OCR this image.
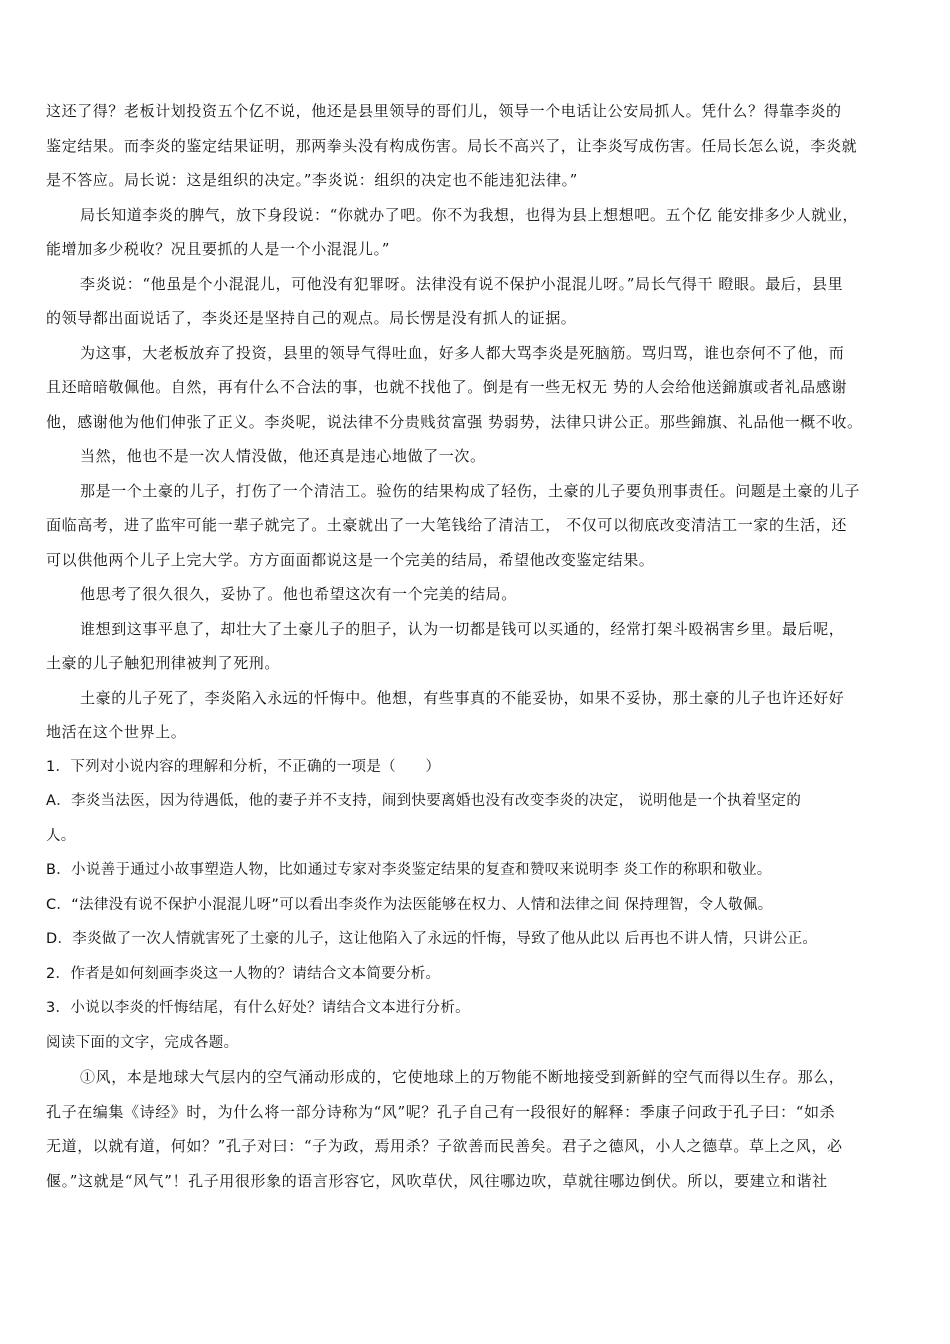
这还了得？老板计划投资五个亿不说，他还是县里领导的哥们儿，领导一个电话让公安局抓人。凭什么？得靠李炎的
鉴定结果。而李炎的鉴定结果证明，那两拳头没有构成伤害。局长不高兴了，让李炎写成伤害。任局长怎么说，李炎就
是不答应。局长说：这是组织的决定。”李炎说：组织的决定也不能违犯法律。”
局长知道李炎的脾气，放下身段说：“你就办了吧。你不为我想，也得为县上想想吧。五个亿 能安排多少人就业，
能增加多少税收？况且要抓的人是一个小混混儿。”
李炎说：“他虽是个小混混儿，可他没有犯罪呀。法律没有说不保护小混混儿呀。”局长气得干 瞪眼。最后，县里
的领导都出面说话了，李炎还是坚持自己的观点。局长愣是没有抓人的证据。
为这事，大老板放弃了投资，县里的领导气得吐血，好多人都大骂李炎是死脑筋。骂归骂，谁也奈何不了他，而
且还暗暗敬佩他。自然，再有什么不合法的事，也就不找他了。倒是有一些无权无 势的人会给他送錦旗或者礼品感谢
他，感谢他为他们伸张了正义。李炎呢，说法律不分贵贱贫富强 势弱势，法律只讲公正。那些錦旗、礼品他一概不收。
当然，他也不是一次人情没做，他还真是违心地做了一次。
那是一个土豪的儿子，打伤了一个清洁工。验伤的结果构成了轻伤，土豪的儿子要负刑事责任。问题是土豪的儿子
面临高考，进了监牢可能一辈子就完了。土豪就出了一大笔钱给了清洁工， 不仅可以彻底改变清洁工一家的生活，还
可以供他两个儿子上完大学。方方面面都说这是一个完美的结局，希望他改变鉴定结果。
他思考了很久很久，妥协了。他也希望这次有一个完美的结局。
谁想到这事平息了，却壮大了土豪儿子的胆子，认为一切都是钱可以买通的，经常打架斗殴祸害乡里。最后呢，
土豪的儿子触犯刑律被判了死刑。
土豪的儿子死了，李炎陷入永远的忏悔中。他想，有些事真的不能妥协，如果不妥协，那土豪的儿子也许还好好
地活在这个世界上。
1．下列对小说内容的理解和分析，不正确的一项是（　　）
A．李炎当法医，因为待遇低，他的妻子并不支持，闹到快要离婚也没有改变李炎的决定， 说明他是一个执着坚定的
人。
B．小说善于通过小故事塑造人物，比如通过专家对李炎鉴定结果的复查和赞叹来说明李 炎工作的称职和敬业。
C．“法律没有说不保护小混混儿呀”可以看出李炎作为法医能够在权力、人情和法律之间 保持理智，令人敬佩。
D．李炎做了一次人情就害死了土豪的儿子，这让他陷入了永远的忏悔，导致了他从此以 后再也不讲人情，只讲公正。
2．作者是如何刻画李炎这一人物的？请结合文本简要分析。
3．小说以李炎的忏悔结尾，有什么好处？请结合文本进行分析。
阅读下面的文字，完成各题。
①风，本是地球大气层内的空气涌动形成的，它使地球上的万物能不断地接受到新鲜的空气而得以生存。那么，
孔子在编集《诗经》时，为什么将一部分诗称为“风”呢？孔子自己有一段很好的解释：季康子问政于孔子曰：“如杀
无道，以就有道，何如？”孔子对曰：“子为政，焉用杀？子欲善而民善矣。君子之德风，小人之德草。草上之风，必
偃。”这就是“风气”！孔子用很形象的语言形容它，风吹草伏，风往哪边吹，草就往哪边倒伏。所以，要建立和谐社
